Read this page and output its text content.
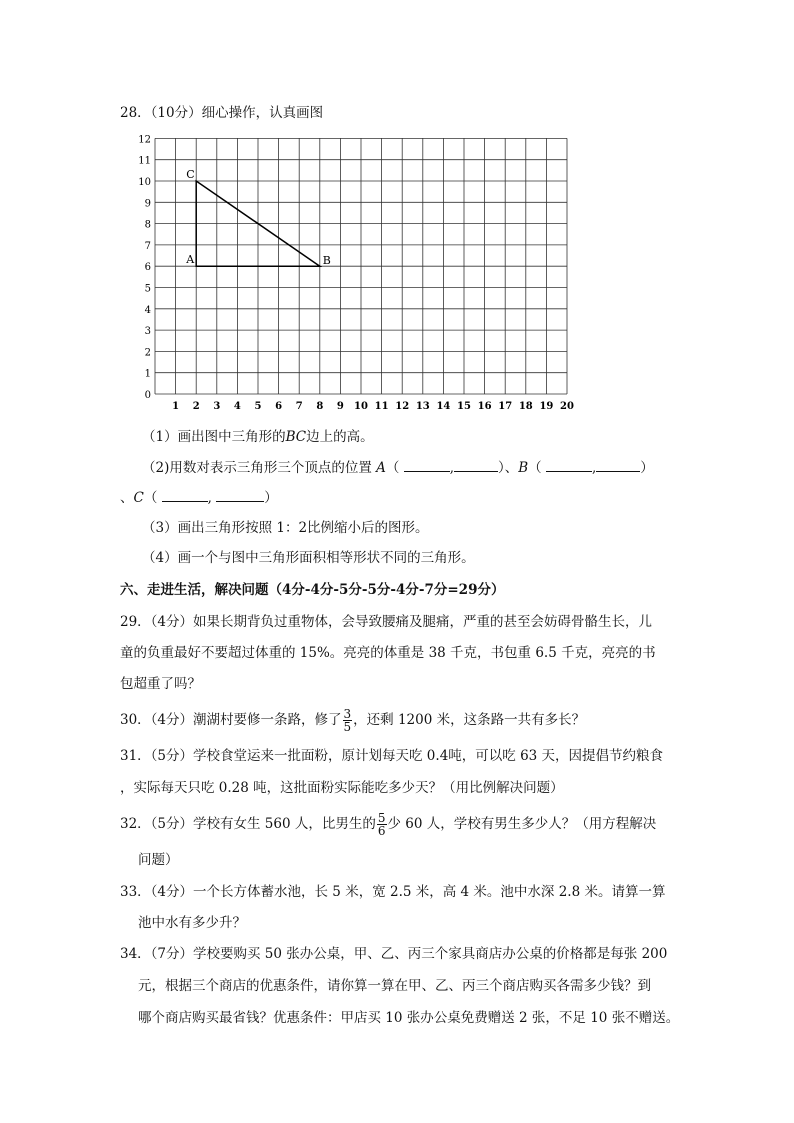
28．（10分）细心操作，认真画图
0
1
2
3
4
5
6
7
8
9
10
11
12
1 2 3 4 5 6 7 8 9 10 11 12 13 14 15 16 17 18 19 20
A	B
C
（1）画出图中三角形的BC边上的高。
（2)用数对表示三角形三个顶点的位置 A（	,	）、B（	,	）
、C（	,	）
（3）画出三角形按照 1：2比例缩小后的图形。
（4）画一个与图中三角形面积相等形状不同的三角形。
六、走进生活，解决问题（4分-4分-5分-5分-4分-7分=29分）
29．（4分）如果长期背负过重物体，会导致腰痛及腿痛，严重的甚至会妨碍骨骼生长，儿
童的负重最好不要超过体重的 15%。亮亮的体重是 38 千克，书包重 6.5 千克，亮亮的书
包超重了吗？
30．（4分）潮湖村要修一条路，修了 $\frac{3}{5}$ ，还剩 1200 米，这条路一共有多长？
31．（5分）学校食堂运来一批面粉，原计划每天吃 0.4吨，可以吃 63 天，因提倡节约粮食
，实际每天只吃 0.28 吨，这批面粉实际能吃多少天？（用比例解决问题）
32．（5分）学校有女生 560 人，比男生的 $\frac{5}{6}$ 少 60 人，学校有男生多少人？（用方程解决
问题）
33．（4分）一个长方体蓄水池，长 5 米，宽 2.5 米，高 4 米。池中水深 2.8 米。请算一算
池中水有多少升？
34．（7分）学校要购买 50 张办公桌，甲、乙、丙三个家具商店办公桌的价格都是每张 200
元，根据三个商店的优惠条件，请你算一算在甲、乙、丙三个商店购买各需多少钱？到
哪个商店购买最省钱？优惠条件：甲店买 10 张办公桌免费赠送 2 张，不足 10 张不赠送。
